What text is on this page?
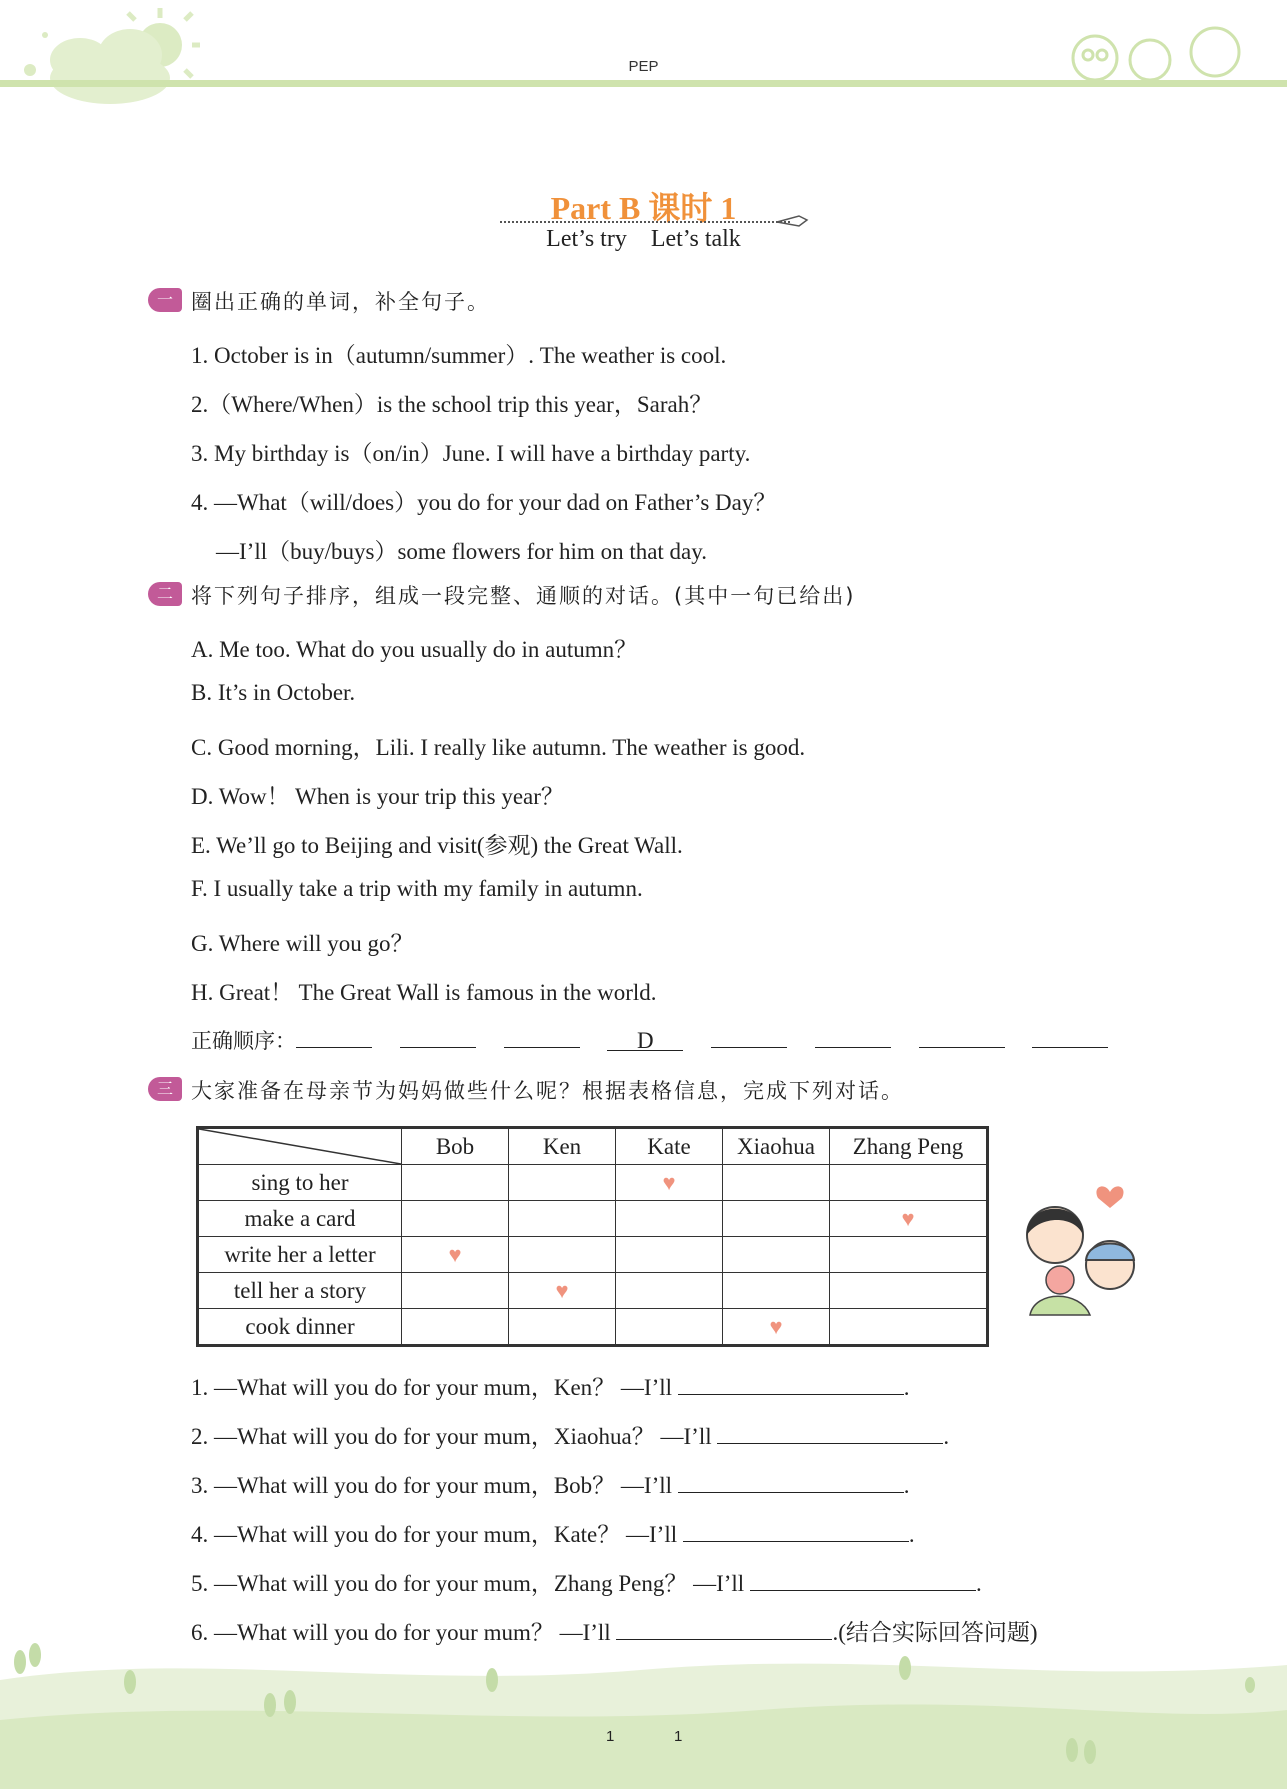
PEP
Part B 课时 1
Let’s try Let’s talk
一 圈出正确的单词，补全句子。
1. October is in（autumn/summer）. The weather is cool.
2.（Where/When）is the school trip this year，Sarah？
3. My birthday is（on/in）June. I will have a birthday party.
4. —What（will/does）you do for your dad on Father’s Day？
—I’ll（buy/buys）some flowers for him on that day.
二 将下列句子排序，组成一段完整、通顺的对话。(其中一句已给出)
A. Me too. What do you usually do in autumn？
B. It’s in October.
C. Good morning，Lili. I really like autumn. The weather is good.
D. Wow！ When is your trip this year？
E. We’ll go to Beijing and visit(参观) the Great Wall.
F. I usually take a trip with my family in autumn.
G. Where will you go？
H. Great！ The Great Wall is famous in the world.
正确顺序：	D
三 大家准备在母亲节为妈妈做些什么呢？根据表格信息，完成下列对话。
	Bob	Ken	Kate	Xiaohua	Zhang Peng
sing to her			♥		
make a card					♥
write her a letter	♥				
tell her a story		♥			
cook dinner				♥	
1. —What will you do for your mum，Ken？ —I’ll	.
2. —What will you do for your mum，Xiaohua？ —I’ll	.
3. —What will you do for your mum，Bob？ —I’ll	.
4. —What will you do for your mum，Kate？ —I’ll	.
5. —What will you do for your mum，Zhang Peng？ —I’ll	.
6. —What will you do for your mum？ —I’ll	.(结合实际回答问题)
1	1
